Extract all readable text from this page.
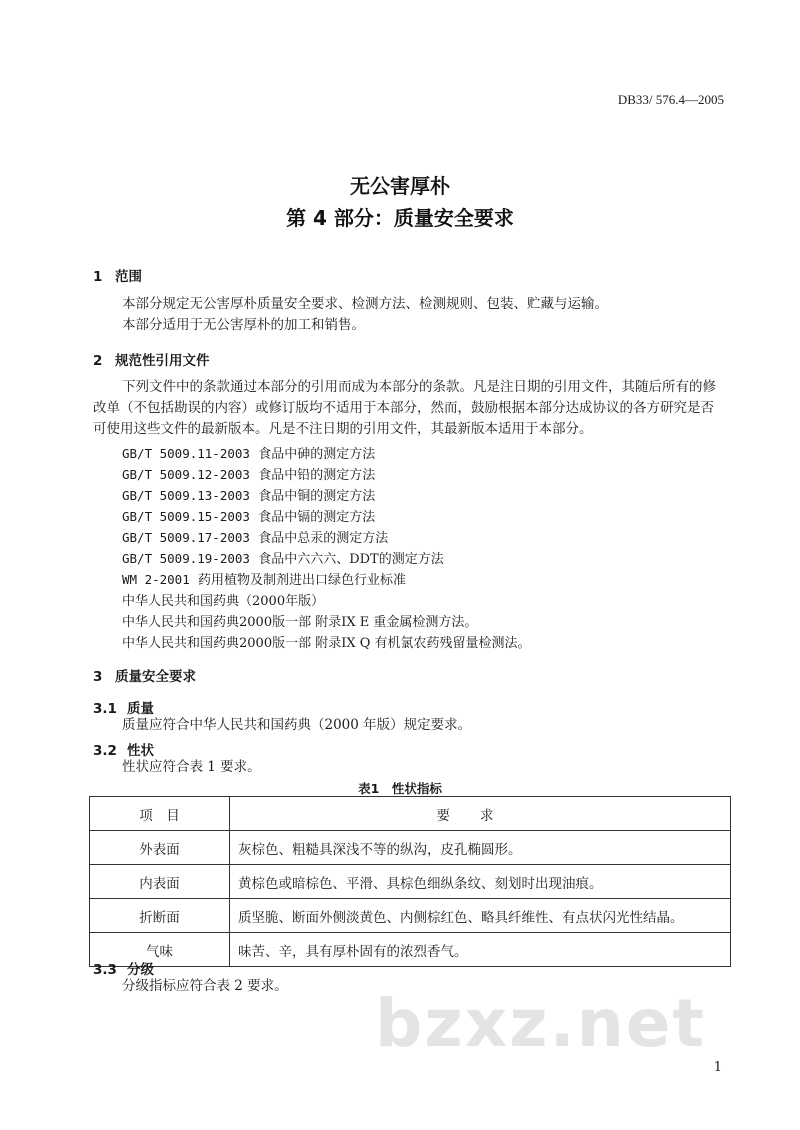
DB33/ 576.4—2005
无公害厚朴
第 4 部分：质量安全要求
1 范围
本部分规定无公害厚朴质量安全要求、检测方法、检测规则、包装、贮藏与运输。
本部分适用于无公害厚朴的加工和销售。
2 规范性引用文件
下列文件中的条款通过本部分的引用而成为本部分的条款。凡是注日期的引用文件，其随后所有的修改单（不包括勘误的内容）或修订版均不适用于本部分，然而，鼓励根据本部分达成协议的各方研究是否可使用这些文件的最新版本。凡是不注日期的引用文件，其最新版本适用于本部分。
GB/T 5009.11-2003 食品中砷的测定方法
GB/T 5009.12-2003 食品中铅的测定方法
GB/T 5009.13-2003 食品中铜的测定方法
GB/T 5009.15-2003 食品中镉的测定方法
GB/T 5009.17-2003 食品中总汞的测定方法
GB/T 5009.19-2003 食品中六六六、DDT的测定方法
WM 2-2001 药用植物及制剂进出口绿色行业标准
中华人民共和国药典（2000年版）
中华人民共和国药典2000版一部 附录IX E 重金属检测方法。
中华人民共和国药典2000版一部 附录IX Q 有机氯农药残留量检测法。
3 质量安全要求
3.1 质量
质量应符合中华人民共和国药典（2000 年版）规定要求。
3.2 性状
性状应符合表 1 要求。
表1　性状指标
项　目	要求
外表面	灰棕色、粗糙具深浅不等的纵沟，皮孔椭圆形。
内表面	黄棕色或暗棕色、平滑、具棕色细纵条纹、刻划时出现油痕。
折断面	质坚脆、断面外侧淡黄色、内侧棕红色、略具纤维性、有点状闪光性结晶。
气味	味苦、辛，具有厚朴固有的浓烈香气。
3.3 分级
分级指标应符合表 2 要求。	bzxz.net
1
